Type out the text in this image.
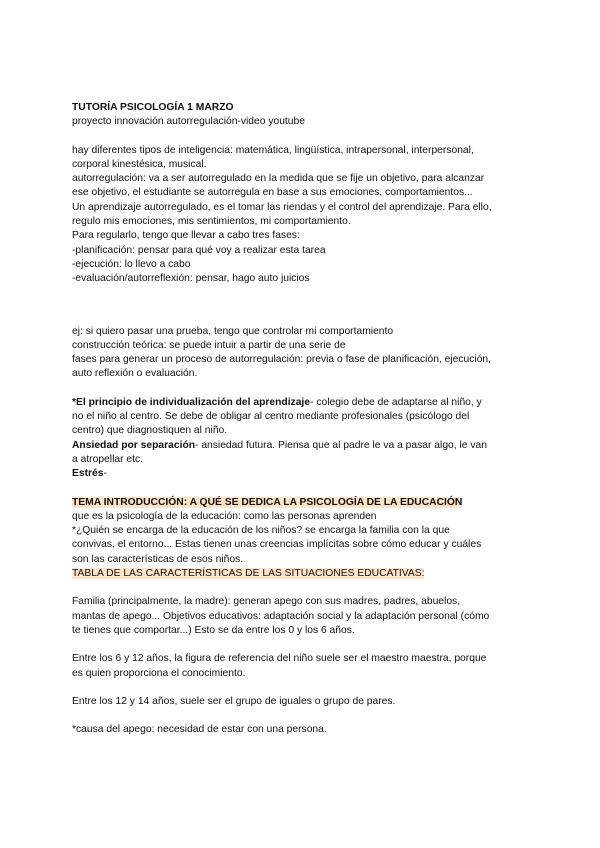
TUTORÍA PSICOLOGÍA 1 MARZO
proyecto innovación autorregulación-video youtube
hay diferentes tipos de inteligencia: matemática, lingüística, intrapersonal, interpersonal,
corporal kinestésica, musical.
autorregulación: va a ser autorregulado en la medida que se fije un objetivo, para alcanzar
ese objetivo, el estudiante se autorregula en base a sus emociones, comportamientos...
Un aprendizaje autorregulado, es el tomar las riendas y el control del aprendizaje. Para ello,
regulo mis emociones, mis sentimientos, mi comportamiento.
Para regularlo, tengo que llevar a cabo tres fases:
-planificación: pensar para qué voy a realizar esta tarea
-ejecución: lo llevo a cabo
-evaluación/autorreflexión: pensar, hago auto juicios
ej: si quiero pasar una prueba, tengo que controlar mi comportamiento
construcción teórica: se puede intuir a partir de una serie de
fases para generar un proceso de autorregulación: previa o fase de planificación, ejecución,
auto reflexión o evaluación.
*El principio de individualización del aprendizaje- colegio debe de adaptarse al niño, y
no el niño al centro. Se debe de obligar al centro mediante profesionales (psicólogo del
centro) que diagnostiquen al niño.
Ansiedad por separación- ansiedad futura. Piensa que al padre le va a pasar algo, le van
a atropellar etc.
Estrés-
TEMA INTRODUCCIÓN: A QUÉ SE DEDICA LA PSICOLOGÍA DE LA EDUCACIÓN
que es la psicología de la educación: como las personas aprenden
*¿Quién se encarga de la educación de los niños? se encarga la familia con la que
convivas, el entorno... Estas tienen unas creencias implícitas sobre cómo educar y cuáles
son las características de esos niños.
TABLA DE LAS CARACTERÍSTICAS DE LAS SITUACIONES EDUCATIVAS:
Familia (principalmente, la madre): generan apego con sus madres, padres, abuelos,
mantas de apego... Objetivos educativos: adaptación social y la adaptación personal (cómo
te tienes que comportar...) Esto se da entre los 0 y los 6 años.
Entre los 6 y 12 años, la figura de referencia del niño suele ser el maestro maestra, porque
es quien proporciona el conocimiento.
Entre los 12 y 14 años, suele ser el grupo de iguales o grupo de pares.
*causa del apego: necesidad de estar con una persona.
